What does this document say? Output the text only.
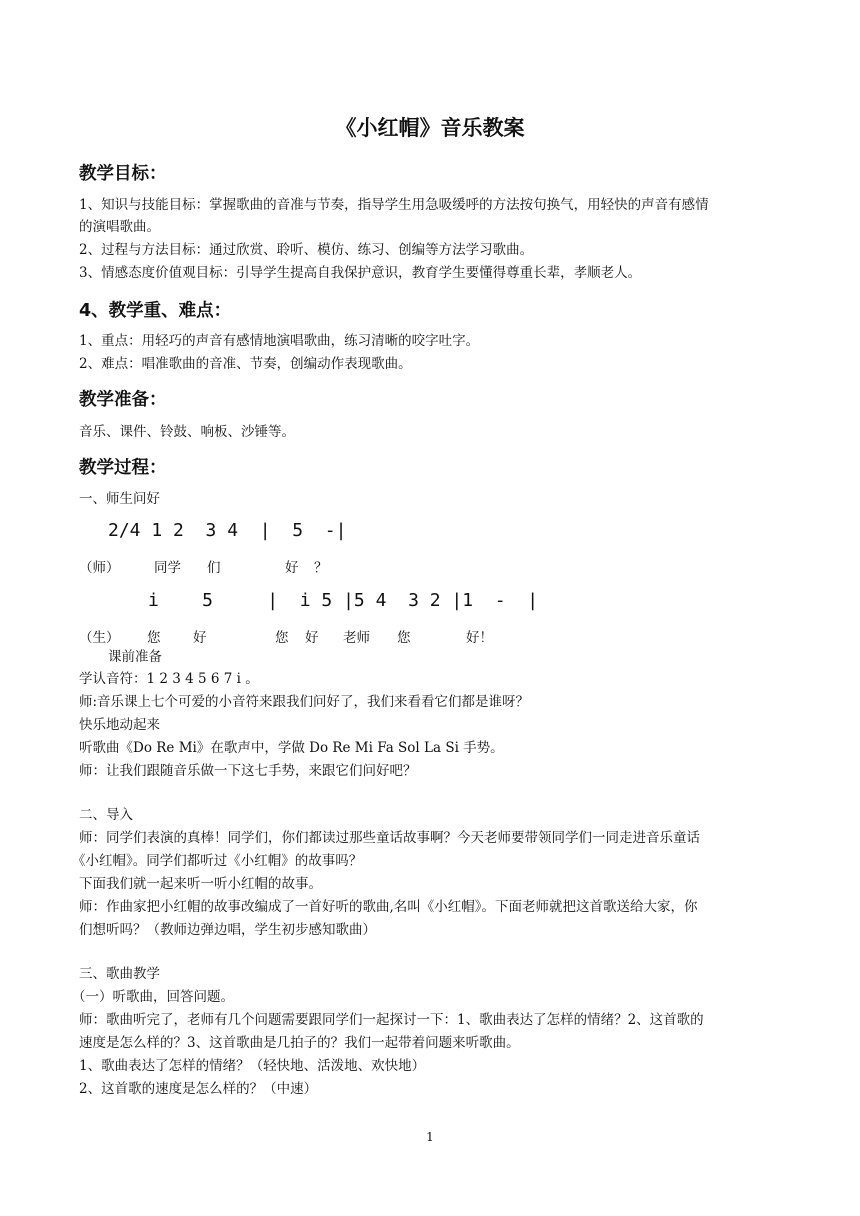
《小红帽》音乐教案
教学目标：
1、知识与技能目标：掌握歌曲的音准与节奏，指导学生用急吸缓呼的方法按句换气，用轻快的声音有感情
的演唱歌曲。
2、过程与方法目标：通过欣赏、聆听、模仿、练习、创编等方法学习歌曲。
3、情感态度价值观目标：引导学生提高自我保护意识，教育学生要懂得尊重长辈，孝顺老人。
4、教学重、难点：
1、重点：用轻巧的声音有感情地演唱歌曲，练习清晰的咬字吐字。
2、难点：唱准歌曲的音准、节奏，创编动作表现歌曲。
教学准备：
音乐、课件、铃鼓、响板、沙锤等。
教学过程：
一、师生问好
2/4 1 2  3 4  |  5  -|
（师）	同学 们	好 ？
i    5     |  i 5 |5 4  3 2 |1  -  |
（生） 您 好	您 好 老师 您	好！
课前准备
学认音符：1 2 3 4 5 6 7 i 。
师:音乐课上七个可爱的小音符来跟我们问好了，我们来看看它们都是谁呀？
快乐地动起来
听歌曲《Do Re Mi》在歌声中，学做 Do Re Mi Fa Sol La Si 手势。
师：让我们跟随音乐做一下这七手势，来跟它们问好吧？
二、导入
师：同学们表演的真棒！同学们，你们都读过那些童话故事啊？今天老师要带领同学们一同走进音乐童话
《小红帽》。同学们都听过《小红帽》的故事吗？
下面我们就一起来听一听小红帽的故事。
师：作曲家把小红帽的故事改编成了一首好听的歌曲,名叫《小红帽》。下面老师就把这首歌送给大家，你
们想听吗？（教师边弹边唱，学生初步感知歌曲）
三、歌曲教学
（一）听歌曲，回答问题。
师：歌曲听完了，老师有几个问题需要跟同学们一起探讨一下：1、歌曲表达了怎样的情绪？2、这首歌的
速度是怎么样的？3、这首歌曲是几拍子的？我们一起带着问题来听歌曲。
1、歌曲表达了怎样的情绪？（轻快地、活泼地、欢快地）
2、这首歌的速度是怎么样的？（中速）
1
